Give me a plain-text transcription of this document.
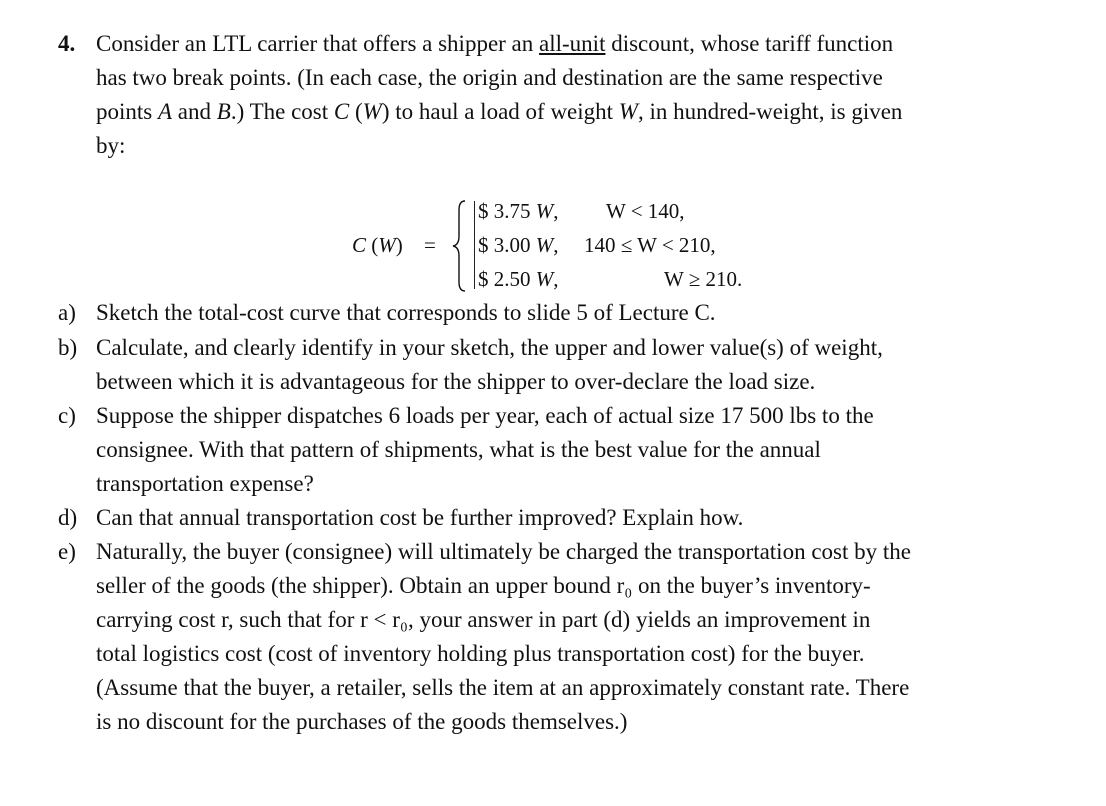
4. Consider an LTL carrier that offers a shipper an all-unit discount, whose tariff function
has two break points. (In each case, the origin and destination are the same respective
points A and B.) The cost C (W) to haul a load of weight W, in hundred-weight, is given
by:
C (W) =
$ 3.75 W, W < 140,
$ 3.00 W, 140 ≤ W < 210,
$ 2.50 W,	W ≥ 210.
a) Sketch the total-cost curve that corresponds to slide 5 of Lecture C.
b) Calculate, and clearly identify in your sketch, the upper and lower value(s) of weight,
between which it is advantageous for the shipper to over-declare the load size.
c) Suppose the shipper dispatches 6 loads per year, each of actual size 17 500 lbs to the
consignee. With that pattern of shipments, what is the best value for the annual
transportation expense?
d) Can that annual transportation cost be further improved? Explain how.
e) Naturally, the buyer (consignee) will ultimately be charged the transportation cost by the
seller of the goods (the shipper). Obtain an upper bound r₀ on the buyer’s inventory-
carrying cost r, such that for r < r₀, your answer in part (d) yields an improvement in
total logistics cost (cost of inventory holding plus transportation cost) for the buyer.
(Assume that the buyer, a retailer, sells the item at an approximately constant rate. There
is no discount for the purchases of the goods themselves.)
